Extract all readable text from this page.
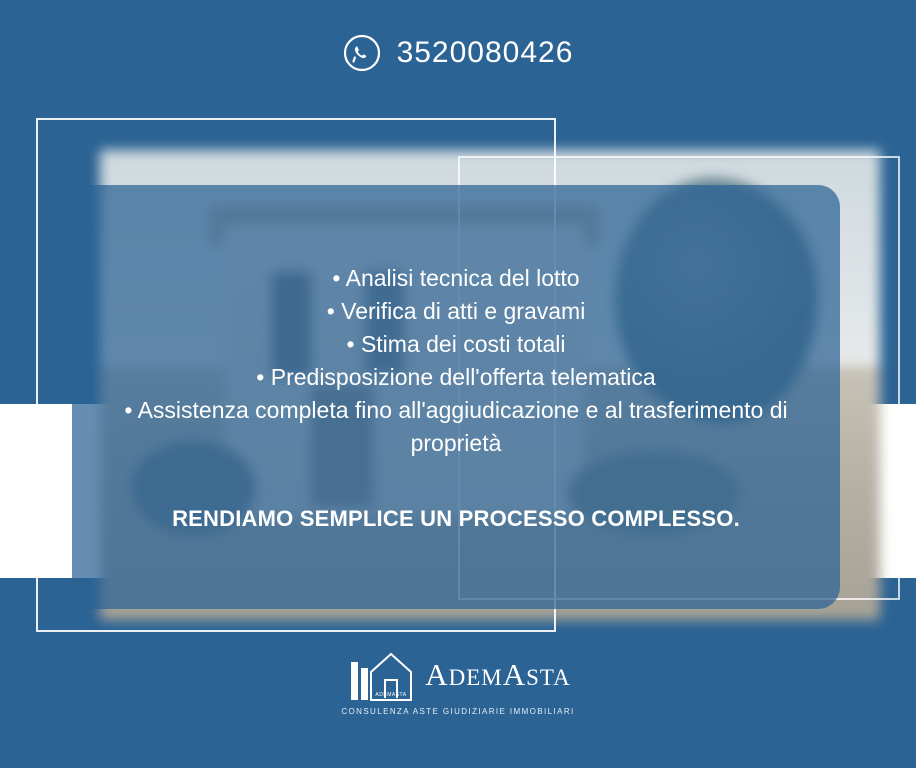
3520080426
• Analisi tecnica del lotto
• Verifica di atti e gravami
• Stima dei costi totali
• Predisposizione dell'offerta telematica
• Assistenza completa fino all'aggiudicazione e al trasferimento di proprietà
RENDIAMO SEMPLICE UN PROCESSO COMPLESSO.
ADEMASTA
ADEMASTA
CONSULENZA ASTE GIUDIZIARIE IMMOBILIARI
